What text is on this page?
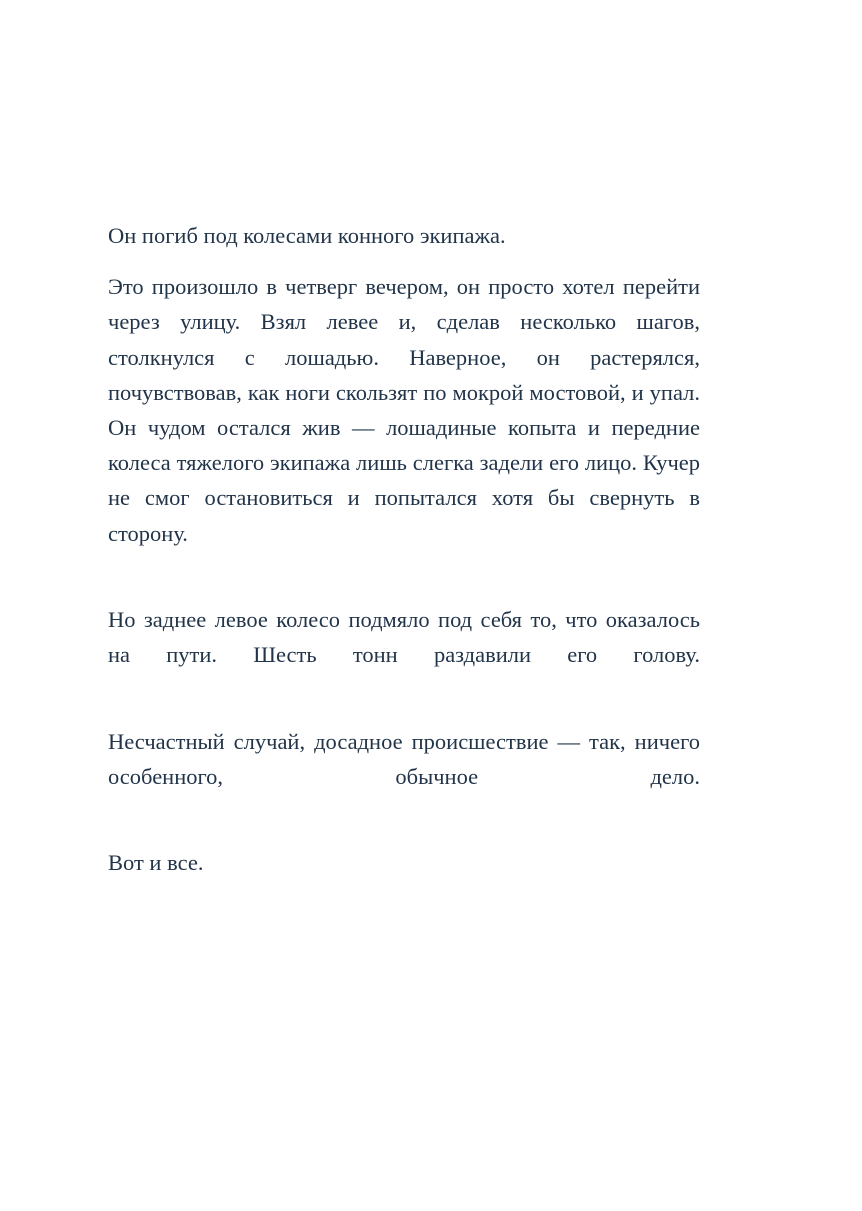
Он погиб под колесами конного экипажа.

Это произошло в четверг вечером, он просто хотел перейти через улицу. Взял левее и, сделав несколько шагов, столкнулся с лошадью. Наверное, он растерялся, почувствовав, как ноги скользят по мокрой мостовой, и упал. Он чудом остался жив — лошадиные копыта и передние колеса тяжелого экипажа лишь слегка задели его лицо. Кучер не смог остановиться и попытался хотя бы свернуть в сторону.

Но заднее левое колесо подмяло под себя то, что оказалось на пути. Шесть тонн раздавили его голову.

Несчастный случай, досадное происшествие — так, ничего особенного, обычное дело.

Вот и все.
